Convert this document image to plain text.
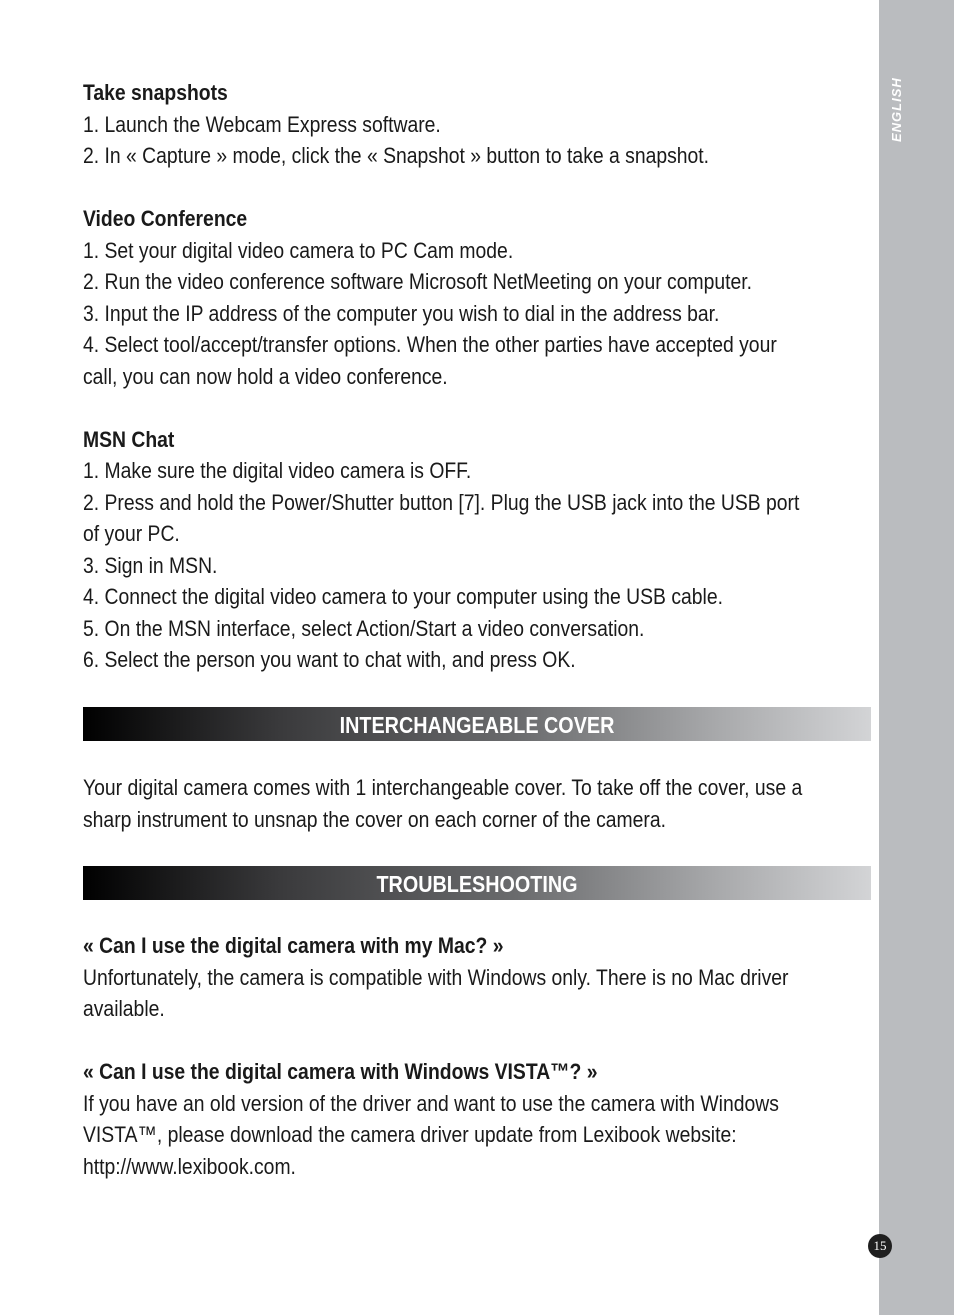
ENGLISH
15

Take snapshots

1. Launch the Webcam Express software.

2. In « Capture » mode, click the « Snapshot » button to take a snapshot.

Video Conference

1. Set your digital video camera to PC Cam mode.

2. Run the video conference software Microsoft NetMeeting on your computer.

3. Input the IP address of the computer you wish to dial in the address bar.

4. Select tool/accept/transfer options. When the other parties have accepted your

call, you can now hold a video conference.

MSN Chat

1. Make sure the digital video camera is OFF.

2. Press and hold the Power/Shutter button [7]. Plug the USB jack into the USB port

of your PC.

3. Sign in MSN.

4. Connect the digital video camera to your computer using the USB cable.

5. On the MSN interface, select Action/Start a video conversation.

6. Select the person you want to chat with, and press OK.

INTERCHANGEABLE COVER

Your digital camera comes with 1 interchangeable cover. To take off the cover, use a

sharp instrument to unsnap the cover on each corner of the camera.

TROUBLESHOOTING

« Can I use the digital camera with my Mac? »

Unfortunately, the camera is compatible with Windows only. There is no Mac driver

available.

« Can I use the digital camera with Windows VISTA™? »

If you have an old version of the driver and want to use the camera with Windows

VISTA™, please download the camera driver update from Lexibook website:

http://www.lexibook.com.
